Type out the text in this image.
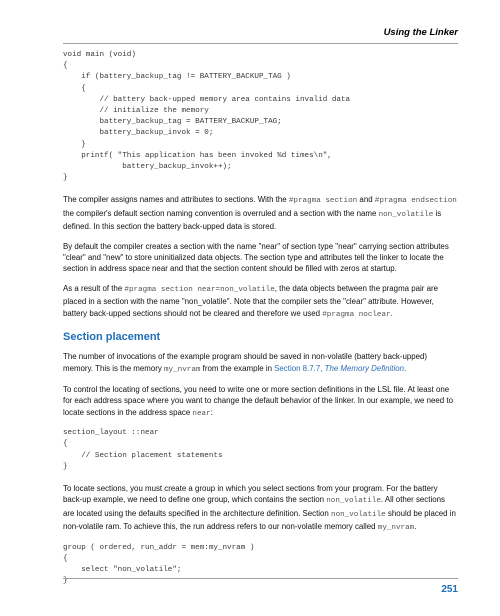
Using the Linker
void main (void)
{
if (battery_backup_tag != BATTERY_BACKUP_TAG )
{
// battery back-upped memory area contains invalid data
// initialize the memory
battery_backup_tag = BATTERY_BACKUP_TAG;
battery_backup_invok = 0;
}
printf( "This application has been invoked %d times\n",
battery_backup_invok++);
}

The compiler assigns names and attributes to sections. With the #pragma section and #pragma endsection the compiler's default section naming convention is overruled and a section with the name non_volatile is defined. In this section the battery back-upped data is stored.

By default the compiler creates a section with the name "near" of section type "near" carrying section attributes "clear" and "new" to store uninitialized data objects. The section type and attributes tell the linker to locate the section in address space near and that the section content should be filled with zeros at startup.

As a result of the #pragma section near=non_volatile, the data objects between the pragma pair are placed in a section with the name "non_volatile". Note that the compiler sets the "clear" attribute. However, battery back-upped sections should not be cleared and therefore we used #pragma noclear.

Section placement

The number of invocations of the example program should be saved in non-volatile (battery back-upped) memory. This is the memory my_nvram from the example in Section 8.7.7, The Memory Definition.

To control the locating of sections, you need to write one or more section definitions in the LSL file. At least one for each address space where you want to change the default behavior of the linker. In our example, we need to locate sections in the address space near:

section_layout ::near
{
// Section placement statements
}

To locate sections, you must create a group in which you select sections from your program. For the battery back-up example, we need to define one group, which contains the section non_volatile. All other sections are located using the defaults specified in the architecture definition. Section non_volatile should be placed in non-volatile ram. To achieve this, the run address refers to our non-volatile memory called my_nvram.

group ( ordered, run_addr = mem:my_nvram )
{
select "non_volatile";
}
251
